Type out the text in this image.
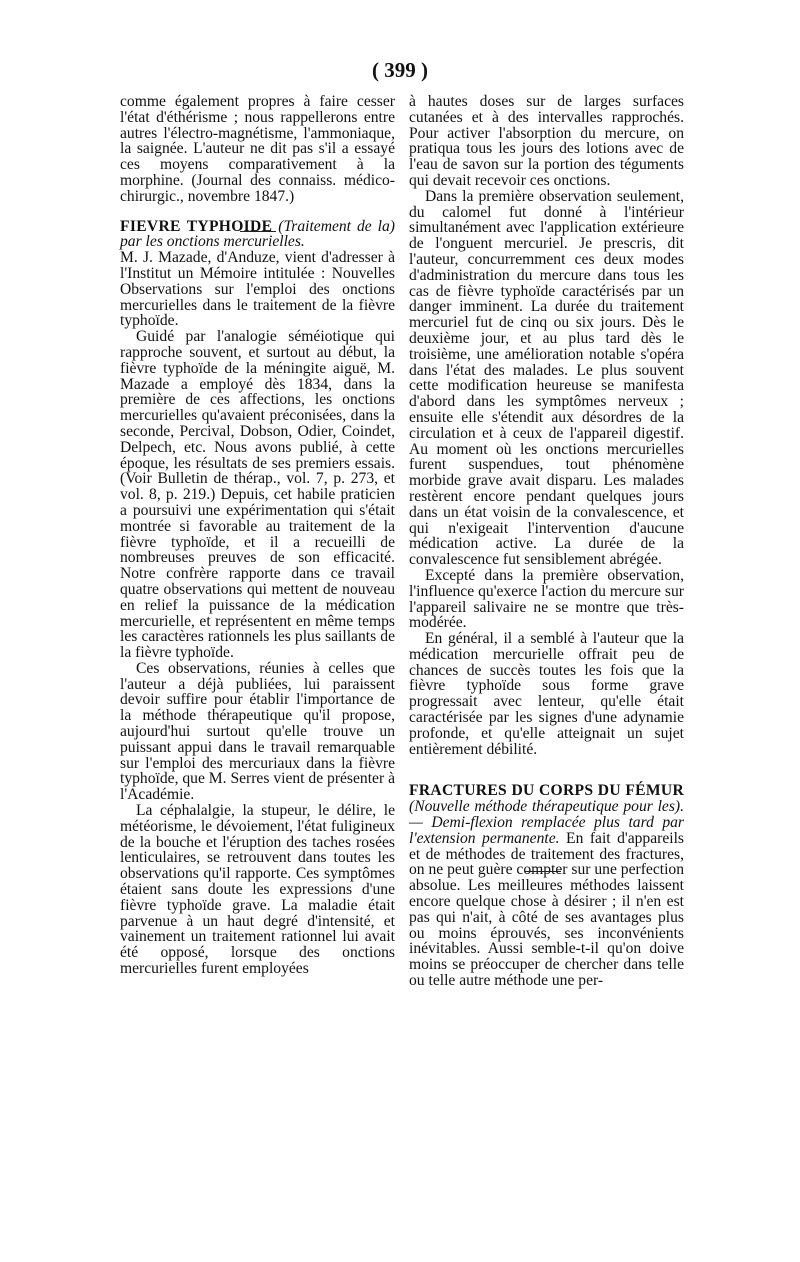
( 399 )

comme également propres à faire cesser l'état d'éthérisme ; nous rappellerons entre autres l'électro-magnétisme, l'ammoniaque, la saignée. L'auteur ne dit pas s'il a essayé ces moyens comparativement à la morphine. (Journal des connaiss. médico-chirurgic., novembre 1847.)

FIEVRE TYPHOIDE (Traitement de la) par les onctions mercurielles.

M. J. Mazade, d'Anduze, vient d'adresser à l'Institut un Mémoire intitulée : Nouvelles Observations sur l'emploi des onctions mercurielles dans le traitement de la fièvre typhoïde.

Guidé par l'analogie séméiotique qui rapproche souvent, et surtout au début, la fièvre typhoïde de la méningite aiguë, M. Mazade a employé dès 1834, dans la première de ces affections, les onctions mercurielles qu'avaient préconisées, dans la seconde, Percival, Dobson, Odier, Coindet, Delpech, etc. Nous avons publié, à cette époque, les résultats de ses premiers essais. (Voir Bulletin de thérap., vol. 7, p. 273, et vol. 8, p. 219.) Depuis, cet habile praticien a poursuivi une expérimentation qui s'était montrée si favorable au traitement de la fièvre typhoïde, et il a recueilli de nombreuses preuves de son efficacité. Notre confrère rapporte dans ce travail quatre observations qui mettent de nouveau en relief la puissance de la médication mercurielle, et représentent en même temps les caractères rationnels les plus saillants de la fièvre typhoïde.

Ces observations, réunies à celles que l'auteur a déjà publiées, lui paraissent devoir suffire pour établir l'importance de la méthode thérapeutique qu'il propose, aujourd'hui surtout qu'elle trouve un puissant appui dans le travail remarquable sur l'emploi des mercuriaux dans la fièvre typhoïde, que M. Serres vient de présenter à l'Académie.

La céphalalgie, la stupeur, le délire, le météorisme, le dévoiement, l'état fuligineux de la bouche et l'éruption des taches rosées lenticulaires, se retrouvent dans toutes les observations qu'il rapporte. Ces symptômes étaient sans doute les expressions d'une fièvre typhoïde grave. La maladie était parvenue à un haut degré d'intensité, et vainement un traitement rationnel lui avait été opposé, lorsque des onctions mercurielles furent employées

à hautes doses sur de larges surfaces cutanées et à des intervalles rapprochés. Pour activer l'absorption du mercure, on pratiqua tous les jours des lotions avec de l'eau de savon sur la portion des téguments qui devait recevoir ces onctions.

Dans la première observation seulement, du calomel fut donné à l'intérieur simultanément avec l'application extérieure de l'onguent mercuriel. Je prescris, dit l'auteur, concurremment ces deux modes d'administration du mercure dans tous les cas de fièvre typhoïde caractérisés par un danger imminent. La durée du traitement mercuriel fut de cinq ou six jours. Dès le deuxième jour, et au plus tard dès le troisième, une amélioration notable s'opéra dans l'état des malades. Le plus souvent cette modification heureuse se manifesta d'abord dans les symptômes nerveux ; ensuite elle s'étendit aux désordres de la circulation et à ceux de l'appareil digestif. Au moment où les onctions mercurielles furent suspendues, tout phénomène morbide grave avait disparu. Les malades restèrent encore pendant quelques jours dans un état voisin de la convalescence, et qui n'exigeait l'intervention d'aucune médication active. La durée de la convalescence fut sensiblement abrégée.

Excepté dans la première observation, l'influence qu'exerce l'action du mercure sur l'appareil salivaire ne se montre que très-modérée.

En général, il a semblé à l'auteur que la médication mercurielle offrait peu de chances de succès toutes les fois que la fièvre typhoïde sous forme grave progressait avec lenteur, qu'elle était caractérisée par les signes d'une adynamie profonde, et qu'elle atteignait un sujet entièrement débilité.

FRACTURES DU CORPS DU FÉMUR (Nouvelle méthode thérapeutique pour les). — Demi-flexion remplacée plus tard par l'extension permanente. En fait d'appareils et de méthodes de traitement des fractures, on ne peut guère compter sur une perfection absolue. Les meilleures méthodes laissent encore quelque chose à désirer ; il n'en est pas qui n'ait, à côté de ses avantages plus ou moins éprouvés, ses inconvénients inévitables. Aussi semble-t-il qu'on doive moins se préoccuper de chercher dans telle ou telle autre méthode une per-
